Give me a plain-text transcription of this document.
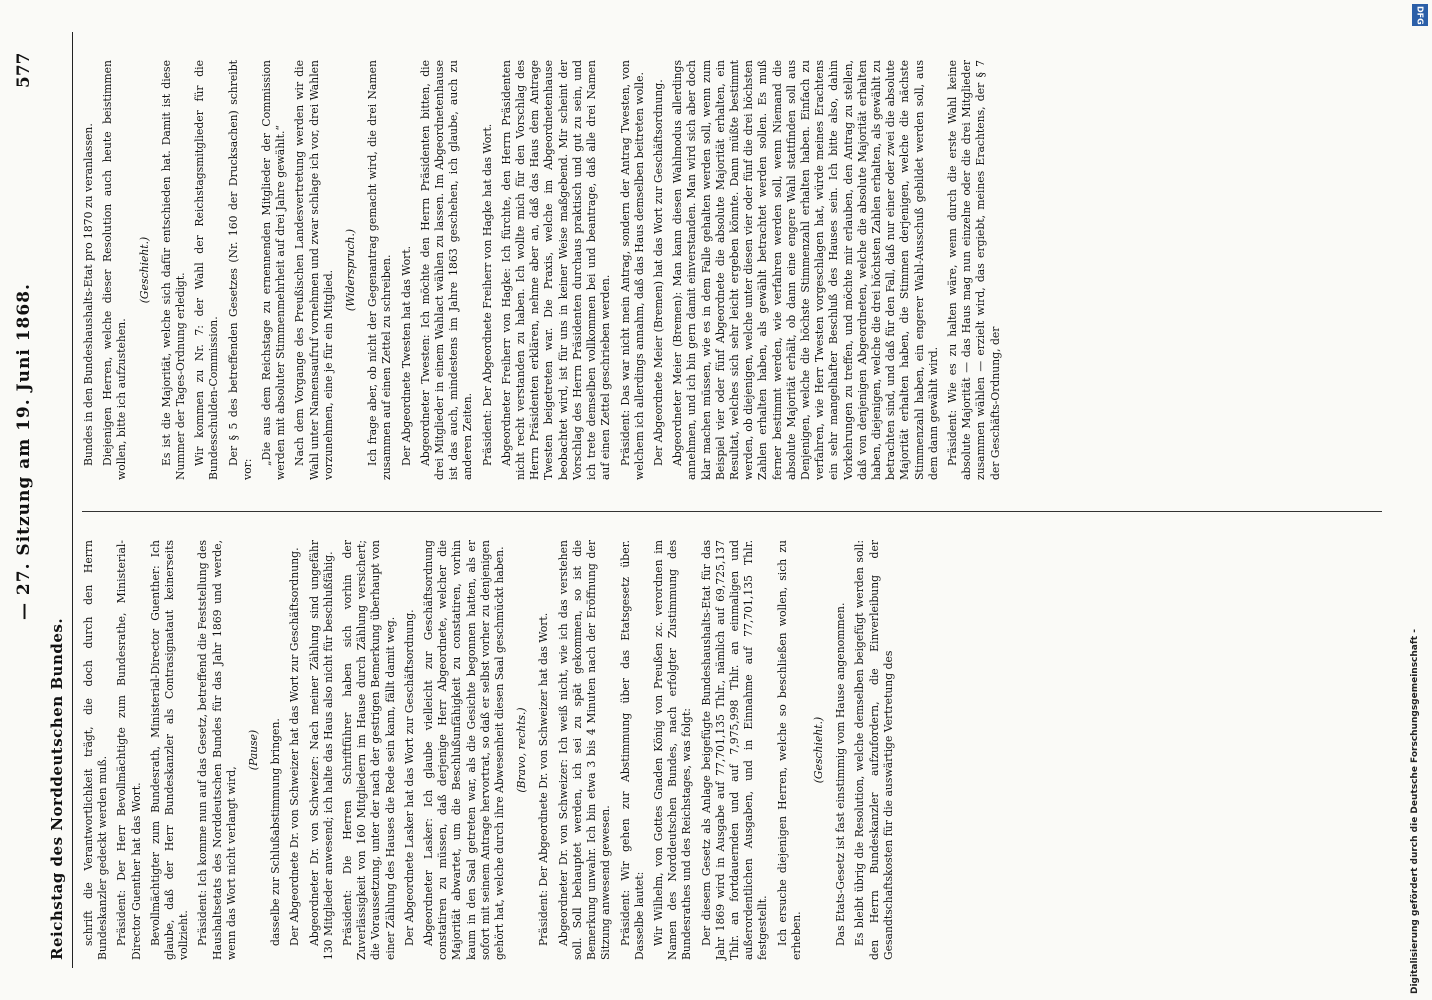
Reichstag des Norddeutschen Bundes.
— 27. Sitzung am 19. Juni 1868.
577

schrift die Verantwortlichkeit trägt, die doch durch den Herrn Bundeskanzler gedeckt werden muß. Präsident: Der Herr Bevollmächtigte zum Bundesrathe, Ministerial-Director Guenther hat das Wort. Bevollmächtigter zum Bundesrath, Ministerial-Director Guenther: Ich glaube, daß der Herr Bundeskanzler als Contrasignataut keinerseits vollzieht. Präsident: Ich komme nun auf das Gesetz, betreffend die Feststellung des Haushaltsetats des Norddeutschen Bundes für das Jahr 1869 und werde, wenn das Wort nicht verlangt wird,

(Pause) dasselbe zur Schlußabstimmung bringen. Der Abgeordnete Dr. von Schweizer hat das Wort zur Geschäftsordnung. Abgeordneter Dr. von Schweizer: Nach meiner Zählung sind ungefähr 130 Mitglieder anwesend; ich halte das Haus also nicht für beschlußfähig. Präsident: Die Herren Schriftführer haben sich vorhin der Zuverlässigkeit von 160 Mitgliedern im Hause durch Zählung versichert; die Voraussetzung, unter der nach der gestrigen Bemerkung überhaupt von einer Zählung des Hauses die Rede sein kann, fällt damit weg. Der Abgeordnete Lasker hat das Wort zur Geschäftsordnung. Abgeordneter Lasker: Ich glaube vielleicht zur Geschäftsordnung constatiren zu müssen, daß derjenige Herr Abgeordnete, welcher die Majorität abwartet, um die Beschlußunfähigkeit zu constatiren, vorhin kaum in den Saal getreten war, als die Gesichte begonnen hatten, als er sofort mit seinem Antrage hervortrat, so daß er selbst vorher zu denjenigen gehört hat, welche durch ihre Abwesenheit diesen Saal geschmückt haben. (Bravo, rechts.) Präsident: Der Abgeordnete Dr. von Schweizer hat das Wort. Abgeordneter Dr. von Schweizer: Ich weiß nicht, wie ich das verstehen soll. Soll behauptet werden, ich sei zu spät gekommen, so ist die Bemerkung unwahr. Ich bin etwa 3 bis 4 Minuten nach der Eröffnung der Sitzung anwesend gewesen. Präsident: Wir gehen zur Abstimmung über das Etatsgesetz über. Dasselbe lautet: Wir Wilhelm, von Gottes Gnaden König von Preußen zc. verordnen im Namen des Norddeutschen Bundes, nach erfolgter Zustimmung des Bundesrathes und des Reichstages, was folgt: Der diesem Gesetz als Anlage beigefügte Bundeshaushalts-Etat für das Jahr 1869 wird in Ausgabe auf 77,701,135 Thlr., nämlich auf 69,725,137 Thlr. an fortdauernden und auf 7,975,998 Thlr. an einmaligen und außerordentlichen Ausgaben, und in Einnahme auf 77,701,135 Thlr. festgestellt. Ich ersuche diejenigen Herren, welche so beschließen wollen, sich zu erheben.

(Geschieht.) Das Etats-Gesetz ist fast einstimmig vom Hause angenommen. Es bleibt übrig die Resolution, welche demselben beigefügt werden soll: den Herrn Bundeskanzler aufzufordern, die Einverleibung der Gesandtschaftskosten für die auswärtige Vertretung des

Bundes in den Bundeshaushalts-Etat pro 1870 zu veranlassen. Diejenigen Herren, welche dieser Resolution auch heute beistimmen wollen, bitte ich aufzustehen.

(Geschieht.) Es ist die Majorität, welche sich dafür entschieden hat. Damit ist diese Nummer der Tages-Ordnung erledigt. Wir kommen zu Nr. 7: der Wahl der Reichstagsmitglieder für die Bundesschulden-Commission. Der § 5 des betreffenden Gesetzes (Nr. 160 der Drucksachen) schreibt vor:

„Die aus dem Reichstage zu ernennenden Mitglieder der Commission werden mit absoluter Stimmenmehrheit auf drei Jahre gewählt.“ Nach dem Vorgange des Preußischen Landesvertretung werden wir die Wahl unter Namensaufruf vornehmen und zwar schlage ich vor, drei Wahlen vorzunehmen, eine je für ein Mitglied. (Widerspruch.) Ich frage aber, ob nicht der Gegenantrag gemacht wird, die drei Namen zusammen auf einen Zettel zu schreiben. Der Abgeordnete Twesten hat das Wort. Abgeordneter Twesten: Ich möchte den Herrn Präsidenten bitten, die drei Mitglieder in einem Wahlact wählen zu lassen. Im Abgeordnetenhause ist das auch, mindestens im Jahre 1863 geschehen, ich glaube, auch zu anderen Zeiten. Präsident: Der Abgeordnete Freiherr von Hagke hat das Wort. Abgeordneter Freiherr von Hagke: Ich fürchte, den Herrn Präsidenten nicht recht verstanden zu haben. Ich wollte mich für den Vorschlag des Herrn Präsidenten erklären, nehme aber an, daß das Haus dem Antrage Twesten beigetreten war. Die Praxis, welche im Abgeordnetenhause beobachtet wird, ist für uns in keiner Weise maßgebend. Mir scheint der Vorschlag des Herrn Präsidenten durchaus praktisch und gut zu sein, und ich trete demselben vollkommen bei und beantrage, daß alle drei Namen auf einen Zettel geschrieben werden. Präsident: Das war nicht mein Antrag, sondern der Antrag Twesten, von welchem ich allerdings annahm, daß das Haus demselben beitreten wolle. Der Abgeordnete Meier (Bremen) hat das Wort zur Geschäftsordnung. Abgeordneter Meier (Bremen): Man kann diesen Wahlmodus allerdings annehmen, und ich bin gern damit einverstanden. Man wird sich aber doch klar machen müssen, wie es in dem Falle gehalten werden soll, wenn zum Beispiel vier oder fünf Abgeordnete die absolute Majorität erhalten, ein Resultat, welches sich sehr leicht ergeben könnte. Dann müßte bestimmt werden, ob diejenigen, welche unter diesen vier oder fünf die drei höchsten Zahlen erhalten haben, als gewählt betrachtet werden sollen. Es muß ferner bestimmt werden, wie verfahren werden soll, wenn Niemand die absolute Majorität erhält, ob dann eine engere Wahl stattfinden soll aus Denjenigen, welche die höchste Stimmenzahl erhalten haben. Einfach zu verfahren, wie Herr Twesten vorgeschlagen hat, würde meines Erachtens ein sehr mangelhafter Beschluß des Hauses sein. Ich bitte also, dahin Vorkehrungen zu treffen, und möchte mir erlauben, den Antrag zu stellen, daß von denjenigen Abgeordneten, welche die absolute Majorität erhalten haben, diejenigen, welche die drei höchsten Zahlen erhalten, als gewählt zu betrachten sind, und daß für den Fall, daß nur einer oder zwei die absolute Majorität erhalten haben, die Stimmen derjenigen, welche die nächste Stimmenzahl haben, ein engerer Wahl-Ausschuß gebildet werden soll, aus dem dann gewählt wird. Präsident: Wie es zu halten wäre, wenn durch die erste Wahl keine absolute Majorität — das Haus mag nun einzelne oder die drei Mitglieder zusammen wählen — erzielt wird, das ergiebt, meines Erachtens, der § 7 der Geschäfts-Ordnung, der

Digitalisierung gefördert durch die Deutsche Forschungsgemeinschaft -
DFG
